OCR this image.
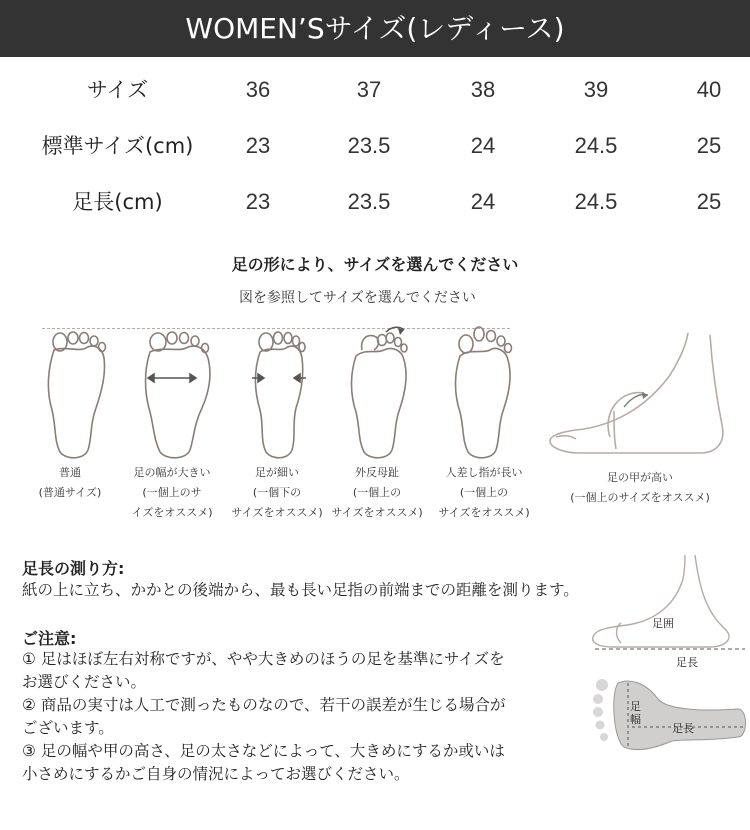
WOMEN’Sサイズ(レディース)
サイズ	36	37	38	39	40
標準サイズ(cm)	23	23.5	24	24.5	25
足長(cm)	23	23.5	24	24.5	25
足の形により、サイズを選んでください
図を参照してサイズを選んでください
普通
(普通サイズ)
足の幅が大きい
(一個上のサ
イズをオススメ)
足が細い
(一個下の
サイズをオススメ)
外反母趾
(一個上の
サイズをオススメ)
人差し指が長い
(一個上の
サイズをオススメ)
足の甲が高い
(一個上のサイズをオススメ)
足長の測り方:
紙の上に立ち、かかとの後端から、最も長い足指の前端までの距離を測ります。
ご注意:
① 足はほぼ左右対称ですが、やや大きめのほうの足を基準にサイズを
お選びください。
② 商品の実寸は人工で測ったものなので、若干の誤差が生じる場合が
ございます。
③ 足の幅や甲の高さ、足の太さなどによって、大きめにするか或いは
小さめにするかご自身の情況によってお選びください。
足囲
足長
足幅
足長
